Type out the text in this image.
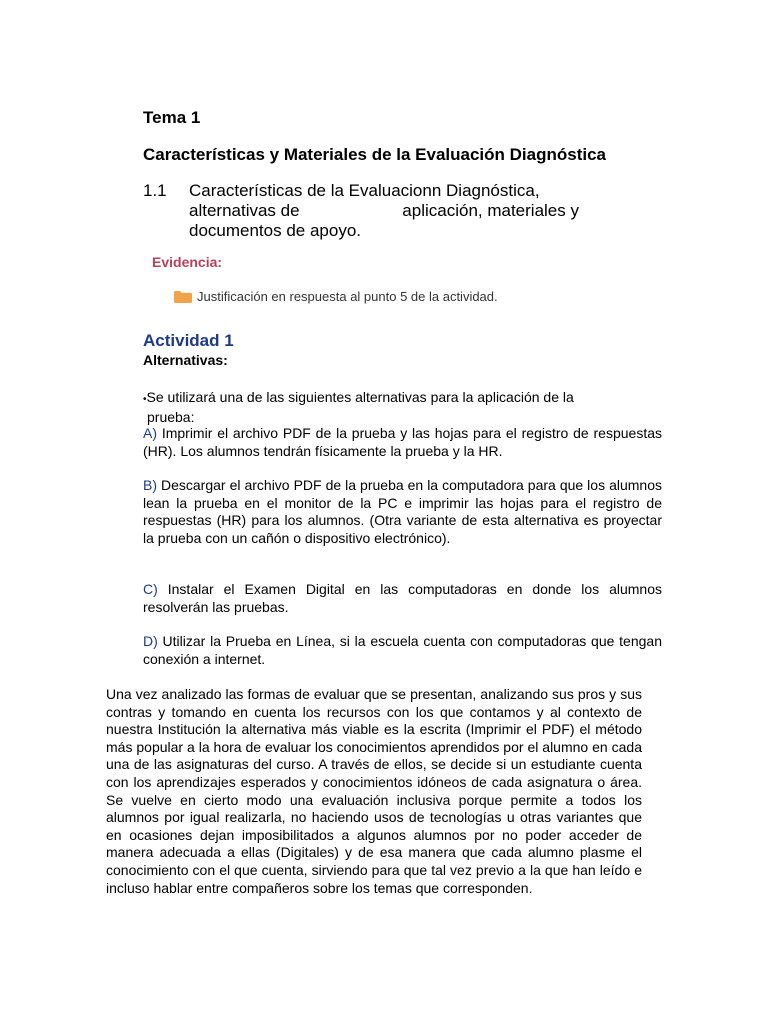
Tema 1
Características y Materiales de la Evaluación Diagnóstica
1.1 Características de la Evaluacionn Diagnóstica,
alternativas de	aplicación, materiales y
documentos de apoyo.
Evidencia:
Justificación en respuesta al punto 5 de la actividad.
Actividad 1
Alternativas:
•Se utilizará una de las siguientes alternativas para la aplicación de la
prueba:
A) Imprimir el archivo PDF de la prueba y las hojas para el registro de respuestas (HR). Los alumnos tendrán físicamente la prueba y la HR.
B) Descargar el archivo PDF de la prueba en la computadora para que los alumnos lean la prueba en el monitor de la PC e imprimir las hojas para el registro de respuestas (HR) para los alumnos. (Otra variante de esta alternativa es proyectar la prueba con un cañón o dispositivo electrónico).
C) Instalar el Examen Digital en las computadoras en donde los alumnos resolverán las pruebas.
D) Utilizar la Prueba en Línea, si la escuela cuenta con computadoras que tengan conexión a internet.
Una vez analizado las formas de evaluar que se presentan, analizando sus pros y sus contras y tomando en cuenta los recursos con los que contamos y al contexto de nuestra Institución la alternativa más viable es la escrita (Imprimir el PDF) el método más popular a la hora de evaluar los conocimientos aprendidos por el alumno en cada una de las asignaturas del curso. A través de ellos, se decide si un estudiante cuenta con los aprendizajes esperados y conocimientos idóneos de cada asignatura o área. Se vuelve en cierto modo una evaluación inclusiva porque permite a todos los alumnos por igual realizarla, no haciendo usos de tecnologías u otras variantes que en ocasiones dejan imposibilitados a algunos alumnos por no poder acceder de manera adecuada a ellas (Digitales) y de esa manera que cada alumno plasme el conocimiento con el que cuenta, sirviendo para que tal vez previo a la que han leído e incluso hablar entre compañeros sobre los temas que corresponden.
